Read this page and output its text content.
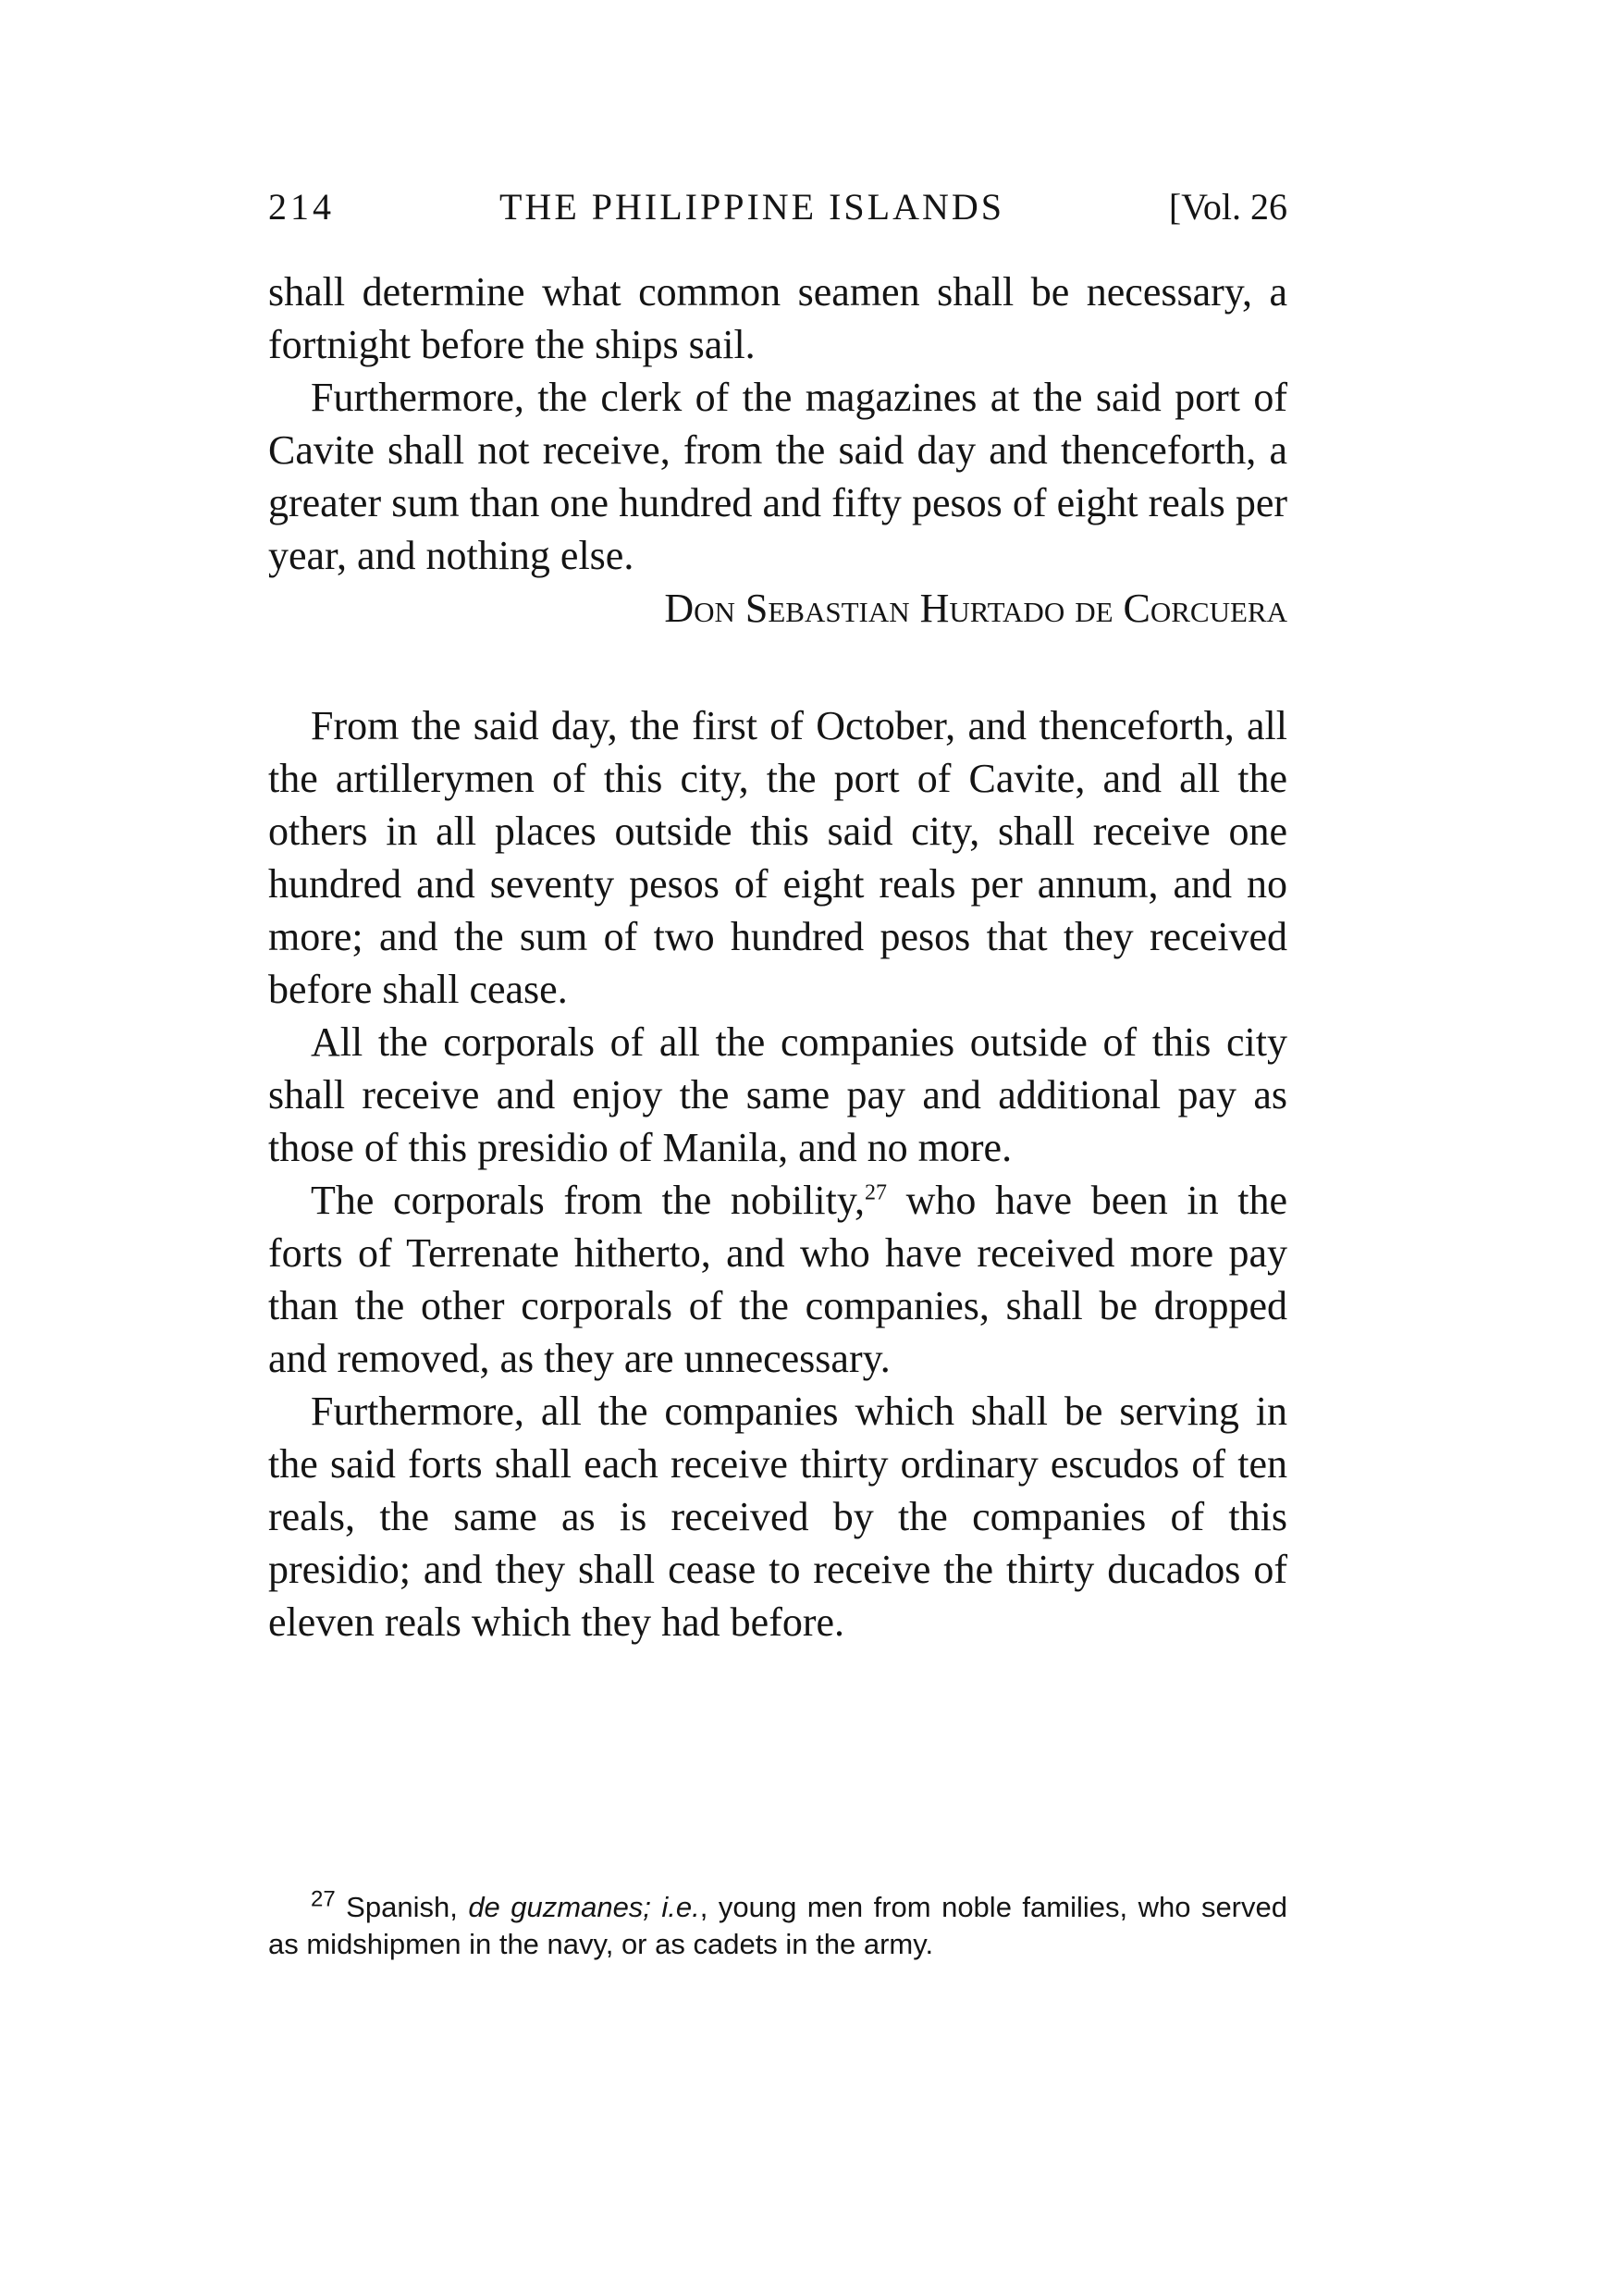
214	THE PHILIPPINE ISLANDS	[Vol. 26

shall determine what common seamen shall be necessary, a fortnight before the ships sail.

Furthermore, the clerk of the magazines at the said port of Cavite shall not receive, from the said day and thenceforth, a greater sum than one hundred and fifty pesos of eight reals per year, and nothing else.

Don Sebastian Hurtado de Corcuera

From the said day, the first of October, and thenceforth, all the artillerymen of this city, the port of Cavite, and all the others in all places outside this said city, shall receive one hundred and seventy pesos of eight reals per annum, and no more; and the sum of two hundred pesos that they received before shall cease.

All the corporals of all the companies outside of this city shall receive and enjoy the same pay and additional pay as those of this presidio of Manila, and no more.

The corporals from the nobility,$^{27}$ who have been in the forts of Terrenate hitherto, and who have received more pay than the other corporals of the companies, shall be dropped and removed, as they are unnecessary.

Furthermore, all the companies which shall be serving in the said forts shall each receive thirty ordinary escudos of ten reals, the same as is received by the companies of this presidio; and they shall cease to receive the thirty ducados of eleven reals which they had before.

$^{27}$ Spanish, de guzmanes; i.e., young men from noble families, who served as midshipmen in the navy, or as cadets in the army.
